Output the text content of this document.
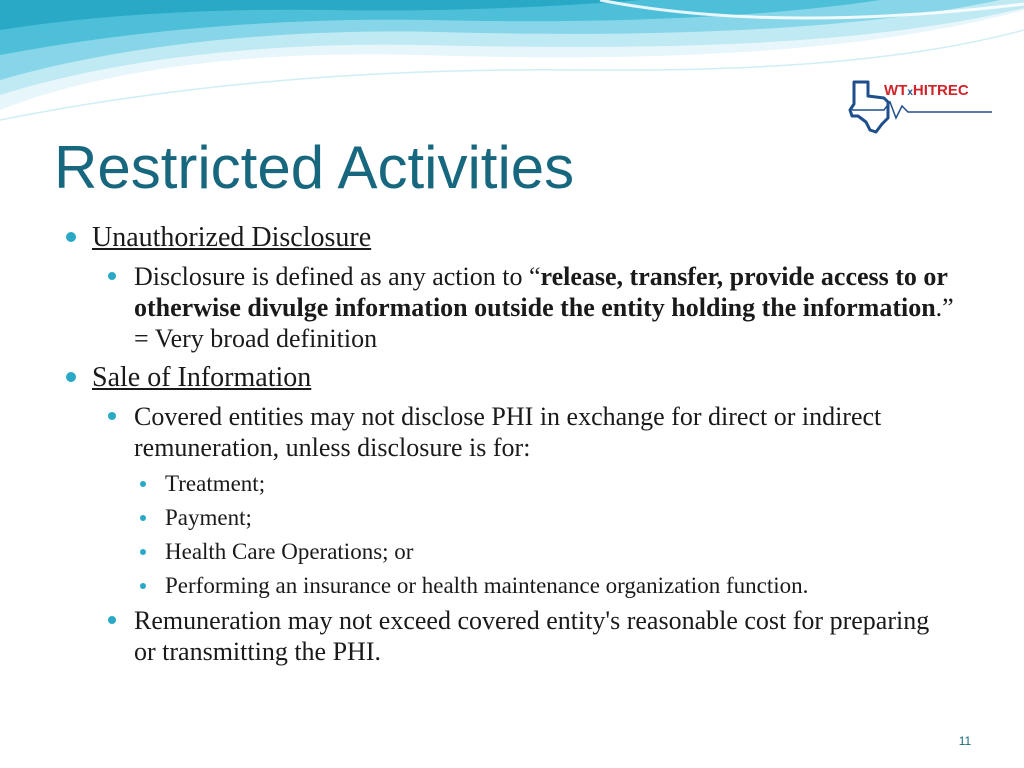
WTxHITREC
Restricted Activities
Unauthorized Disclosure
Disclosure is defined as any action to “release, transfer, provide access to or otherwise divulge information outside the entity holding the information.” = Very broad definition
Sale of Information
Covered entities may not disclose PHI in exchange for direct or indirect remuneration, unless disclosure is for:
Treatment;
Payment;
Health Care Operations; or
Performing an insurance or health maintenance organization function.
Remuneration may not exceed covered entity's reasonable cost for preparing or transmitting the PHI.
11
